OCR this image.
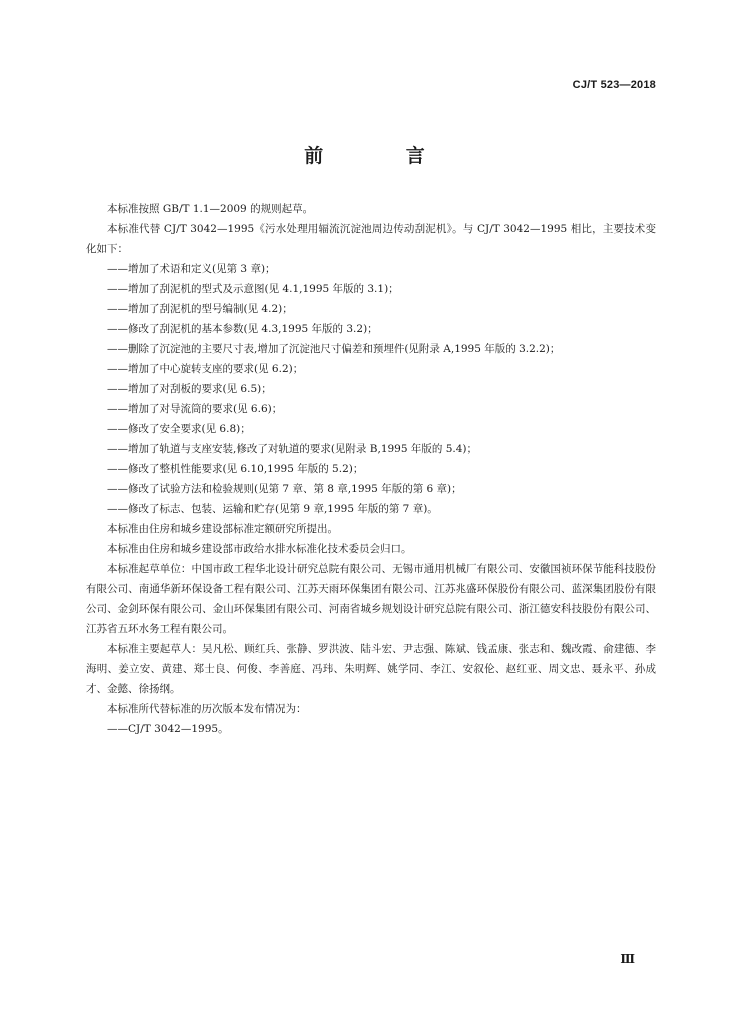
CJ/T 523—2018
前 言

本标准按照 GB/T 1.1—2009 的规则起草。

本标准代替 CJ/T 3042—1995《污水处理用辐流沉淀池周边传动刮泥机》。与 CJ/T 3042—1995 相比，主要技术变化如下：

——增加了术语和定义(见第 3 章)；

——增加了刮泥机的型式及示意图(见 4.1,1995 年版的 3.1)；

——增加了刮泥机的型号编制(见 4.2)；

——修改了刮泥机的基本参数(见 4.3,1995 年版的 3.2)；

——删除了沉淀池的主要尺寸表,增加了沉淀池尺寸偏差和预埋件(见附录 A,1995 年版的 3.2.2)；

——增加了中心旋转支座的要求(见 6.2)；

——增加了对刮板的要求(见 6.5)；

——增加了对导流筒的要求(见 6.6)；

——修改了安全要求(见 6.8)；

——增加了轨道与支座安装,修改了对轨道的要求(见附录 B,1995 年版的 5.4)；

——修改了整机性能要求(见 6.10,1995 年版的 5.2)；

——修改了试验方法和检验规则(见第 7 章、第 8 章,1995 年版的第 6 章)；

——修改了标志、包装、运输和贮存(见第 9 章,1995 年版的第 7 章)。

本标准由住房和城乡建设部标准定额研究所提出。

本标准由住房和城乡建设部市政给水排水标准化技术委员会归口。

本标准起草单位：中国市政工程华北设计研究总院有限公司、无锡市通用机械厂有限公司、安徽国祯环保节能科技股份有限公司、南通华新环保设备工程有限公司、江苏天雨环保集团有限公司、江苏兆盛环保股份有限公司、蓝深集团股份有限公司、金剑环保有限公司、金山环保集团有限公司、河南省城乡规划设计研究总院有限公司、浙江德安科技股份有限公司、江苏省五环水务工程有限公司。

本标准主要起草人：吴凡松、顾红兵、张静、罗洪波、陆斗宏、尹志强、陈斌、钱孟康、张志和、魏改霞、俞建德、李海明、姜立安、黄建、郑士良、何俊、李善庭、冯玮、朱明辉、姚学同、李江、安叙伦、赵红亚、周文忠、聂永平、孙成才、金懿、徐扬纲。

本标准所代替标准的历次版本发布情况为：

——CJ/T 3042—1995。

Ⅲ
